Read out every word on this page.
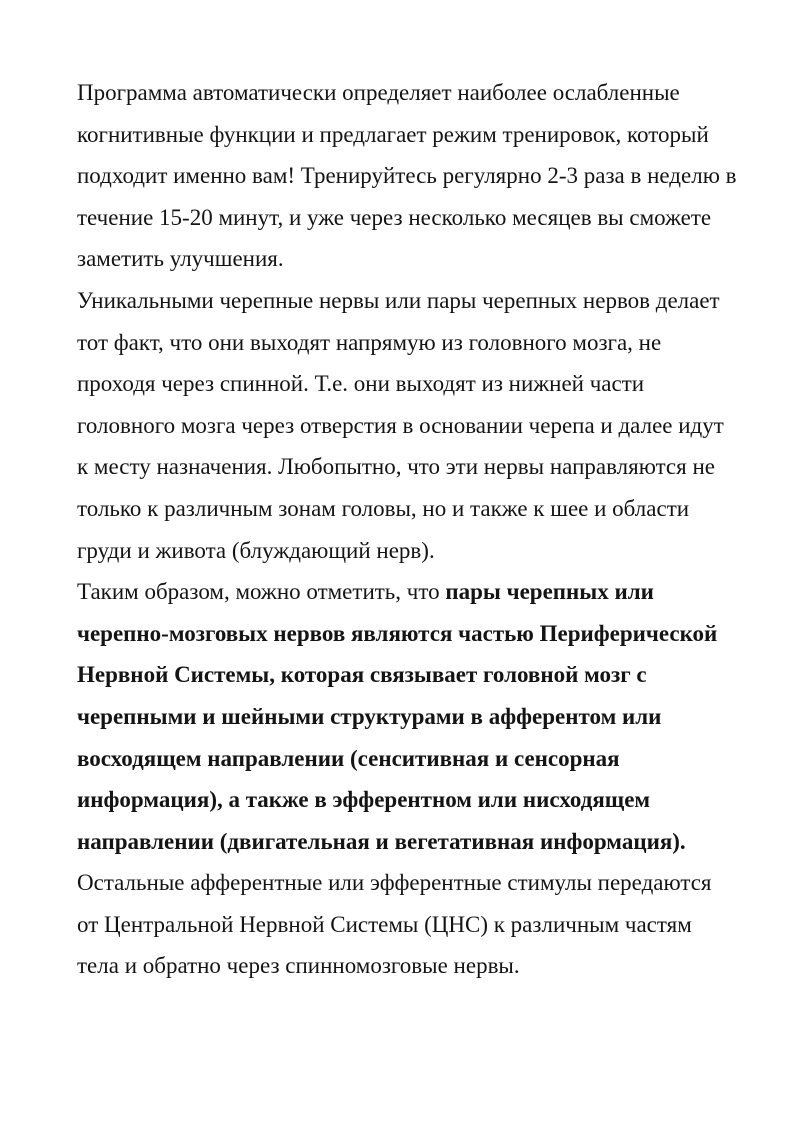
Программа автоматически определяет наиболее ослабленные когнитивные функции и предлагает режим тренировок, который подходит именно вам! Тренируйтесь регулярно 2-3 раза в неделю в течение 15-20 минут, и уже через несколько месяцев вы сможете заметить улучшения.

Уникальными черепные нервы или пары черепных нервов делает тот факт, что они выходят напрямую из головного мозга, не проходя через спинной. Т.е. они выходят из нижней части головного мозга через отверстия в основании черепа и далее идут к месту назначения. Любопытно, что эти нервы направляются не только к различным зонам головы, но и также к шее и области груди и живота (блуждающий нерв).

Таким образом, можно отметить, что пары черепных или черепно-мозговых нервов являются частью Периферической Нервной Системы, которая связывает головной мозг с черепными и шейными структурами в афферентом или восходящем направлении (сенситивная и сенсорная информация), а также в эфферентном или нисходящем направлении (двигательная и вегетативная информация). Остальные афферентные или эфферентные стимулы передаются от Центральной Нервной Системы (ЦНС) к различным частям тела и обратно через спинномозговые нервы.
